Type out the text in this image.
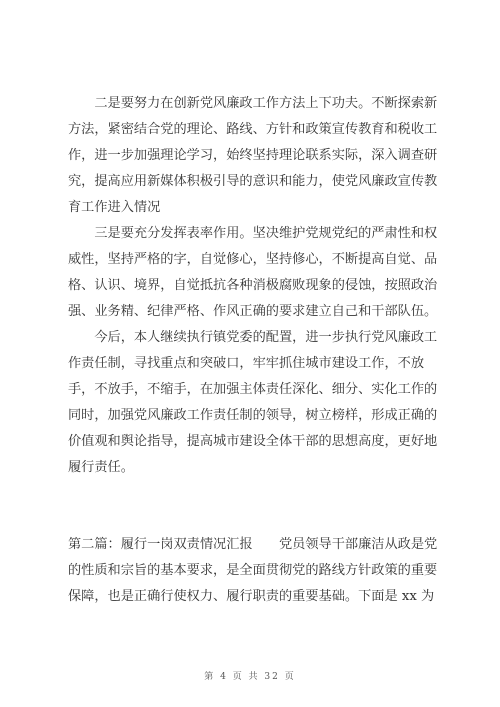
　　二是要努力在创新党风廉政工作方法上下功夫。不断探索新
方法，紧密结合党的理论、路线、方针和政策宣传教育和税收工
作，进一步加强理论学习，始终坚持理论联系实际，深入调查研
究，提高应用新媒体积极引导的意识和能力，使党风廉政宣传教
育工作进入情况

　　三是要充分发挥表率作用。坚决维护党规党纪的严肃性和权
威性，坚持严格的字，自觉修心，坚持修心，不断提高自觉、品
格、认识、境界，自觉抵抗各种消极腐败现象的侵蚀，按照政治
强、业务精、纪律严格、作风正确的要求建立自己和干部队伍。

　　今后，本人继续执行镇党委的配置，进一步执行党风廉政工
作责任制，寻找重点和突破口，牢牢抓住城市建设工作，不放
手，不放手，不缩手，在加强主体责任深化、细分、实化工作的
同时，加强党风廉政工作责任制的领导，树立榜样，形成正确的
价值观和舆论指导，提高城市建设全体干部的思想高度，更好地
履行责任。

第二篇：履行一岗双责情况汇报　　党员领导干部廉洁从政是党
的性质和宗旨的基本要求，是全面贯彻党的路线方针政策的重要
保障，也是正确行使权力、履行职责的重要基础。下面是 xx 为

第 4 页 共 32 页
